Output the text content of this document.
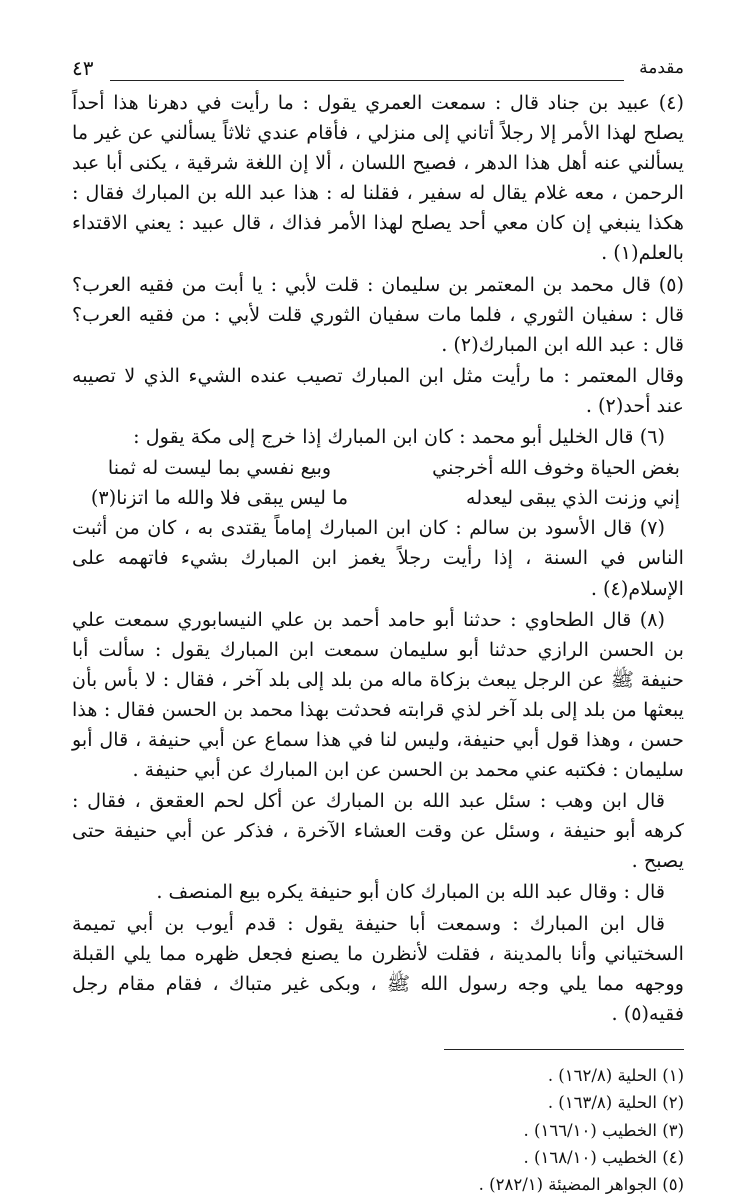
مقدمة
٤٣

(٤) عبيد بن جناد قال : سمعت العمري يقول : ما رأيت في دهرنا هذا أحداً يصلح لهذا الأمر إلا رجلاً أتاني إلى منزلي ، فأقام عندي ثلاثاً يسألني عن غير ما يسألني عنه أهل هذا الدهر ، فصيح اللسان ، ألا إن اللغة شرقية ، يكنى أبا عبد الرحمن ، معه غلام يقال له سفير ، فقلنا له : هذا عبد الله بن المبارك فقال : هكذا ينبغي إن كان معي أحد يصلح لهذا الأمر فذاك ، قال عبيد : يعني الاقتداء بالعلم(١) .

(٥) قال محمد بن المعتمر بن سليمان : قلت لأبي : يا أبت من فقيه العرب؟ قال : سفيان الثوري ، فلما مات سفيان الثوري قلت لأبي : من فقيه العرب؟ قال : عبد الله ابن المبارك(٢) .

وقال المعتمر : ما رأيت مثل ابن المبارك تصيب عنده الشيء الذي لا تصيبه عند أحد(٢) .

(٦) قال الخليل أبو محمد : كان ابن المبارك إذا خرج إلى مكة يقول :

بغض الحياة وخوف الله أخرجني
وبيع نفسي بما ليست له ثمنا
إني وزنت الذي يبقى ليعدله
ما ليس يبقى فلا والله ما اتزنا(٣)

(٧) قال الأسود بن سالم : كان ابن المبارك إماماً يقتدى به ، كان من أثبت الناس في السنة ، إذا رأيت رجلاً يغمز ابن المبارك بشيء فاتهمه على الإسلام(٤) .

(٨) قال الطحاوي : حدثنا أبو حامد أحمد بن علي النيسابوري سمعت علي بن الحسن الرازي حدثنا أبو سليمان سمعت ابن المبارك يقول : سألت أبا حنيفة ﷺ عن الرجل يبعث بزكاة ماله من بلد إلى بلد آخر ، فقال : لا بأس بأن يبعثها من بلد إلى بلد آخر لذي قرابته فحدثت بهذا محمد بن الحسن فقال : هذا حسن ، وهذا قول أبي حنيفة، وليس لنا في هذا سماع عن أبي حنيفة ، قال أبو سليمان : فكتبه عني محمد بن الحسن عن ابن المبارك عن أبي حنيفة .

قال ابن وهب : سئل عبد الله بن المبارك عن أكل لحم العقعق ، فقال : كرهه أبو حنيفة ، وسئل عن وقت العشاء الآخرة ، فذكر عن أبي حنيفة حتى يصبح .

قال : وقال عبد الله بن المبارك كان أبو حنيفة يكره بيع المنصف .

قال ابن المبارك : وسمعت أبا حنيفة يقول : قدم أيوب بن أبي تميمة السختياني وأنا بالمدينة ، فقلت لأنظرن ما يصنع فجعل ظهره مما يلي القبلة ووجهه مما يلي وجه رسول الله ﷺ ، وبكى غير متباك ، فقام مقام رجل فقيه(٥) .

(١) الحلية (١٦٢/٨) .
(٢) الحلية (١٦٣/٨) .
(٣) الخطيب (١٦٦/١٠) .
(٤) الخطيب (١٦٨/١٠) .
(٥) الجواهر المضيئة (٢٨٢/١) .
